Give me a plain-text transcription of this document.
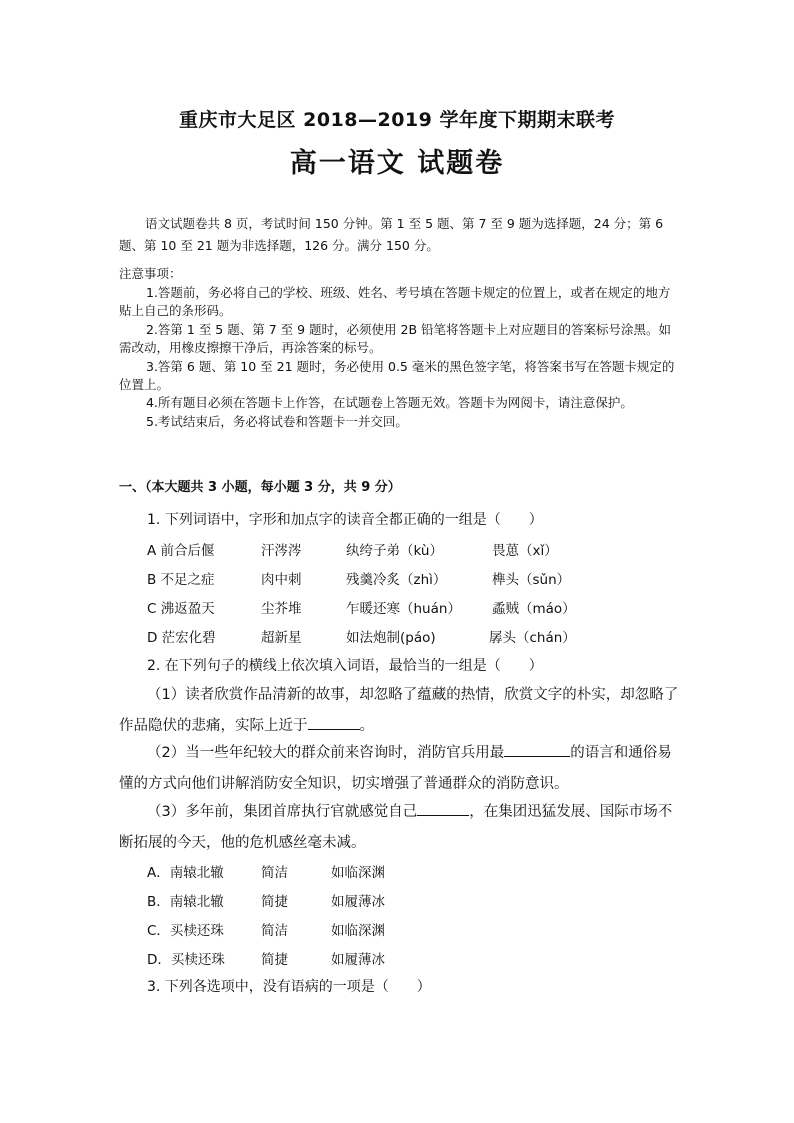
重庆市大足区 2018—2019 学年度下期期末联考
高一语文 试题卷
语文试题卷共 8 页，考试时间 150 分钟。第 1 至 5 题、第 7 至 9 题为选择题，24 分；第 6 题、第 10 至 21 题为非选择题，126 分。满分 150 分。
注意事项：

1.答题前，务必将自己的学校、班级、姓名、考号填在答题卡规定的位置上，或者在规定的地方贴上自己的条形码。

2.答第 1 至 5 题、第 7 至 9 题时，必须使用 2B 铅笔将答题卡上对应题目的答案标号涂黑。如需改动，用橡皮擦擦干净后，再涂答案的标号。

3.答第 6 题、第 10 至 21 题时，务必使用 0.5 毫米的黑色签字笔，将答案书写在答题卡规定的位置上。

4.所有题目必须在答题卡上作答，在试题卷上答题无效。答题卡为网阅卡，请注意保护。

5.考试结束后，务必将试卷和答题卡一并交回。

一、（本大题共 3 小题，每小题 3 分，共 9 分）
1. 下列词语中，字形和加点字的读音全都正确的一组是（　　）
A 前合后偃	汗涔涔	纨绔子弟（kù）	畏葸（xǐ）
B 不足之症	肉中刺	残羹冷炙（zhì）	榫头（sǔn）
C 沸返盈天	尘芥堆	乍暖还寒（huán） 蟊贼（máo）
D 茫宏化碧	超新星	如法炮制(páo)	孱头（chán）
2. 在下列句子的横线上依次填入词语，最恰当的一组是（　　）
（1）读者欣赏作品清新的故事，却忽略了蕴藏的热情，欣赏文字的朴实，却忽略了作品隐伏的悲痛，实际上近于	。
（2）当一些年纪较大的群众前来咨询时，消防官兵用最	的语言和通俗易懂的方式向他们讲解消防安全知识，切实增强了普通群众的消防意识。
（3）多年前，集团首席执行官就感觉自己	，在集团迅猛发展、国际市场不断拓展的今天，他的危机感丝毫未减。
A．南辕北辙	简洁	如临深渊
B．南辕北辙	简捷	如履薄冰
C．买椟还珠	简洁	如临深渊
D．买椟还珠	简捷	如履薄冰
3. 下列各选项中，没有语病的一项是（　　）
